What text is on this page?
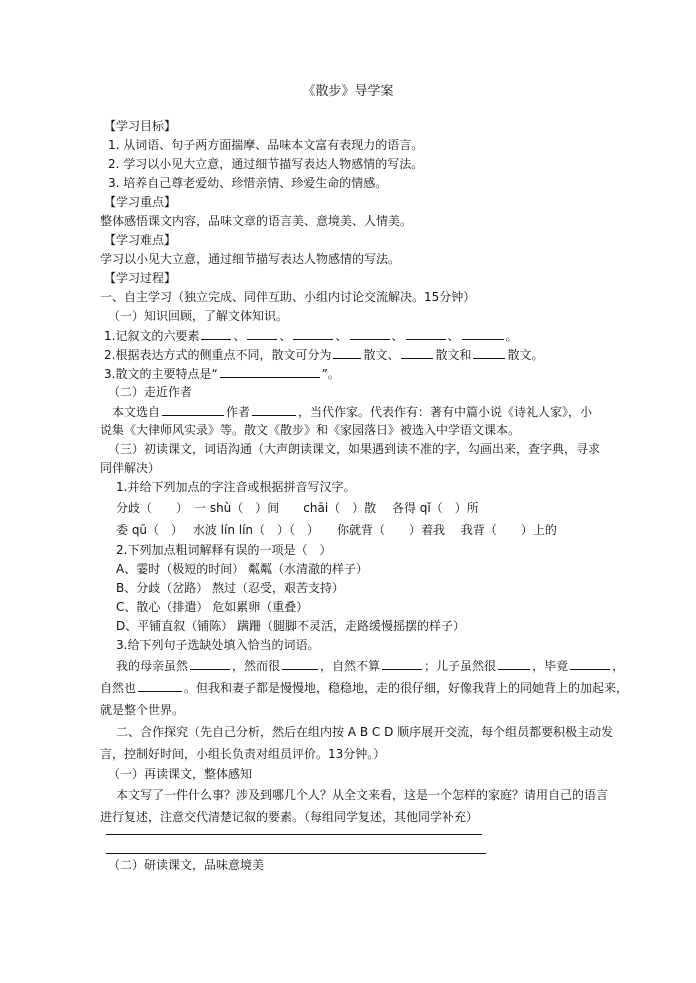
《散步》导学案
【学习目标】
1. 从词语、句子两方面揣摩、品味本文富有表现力的语言。
2. 学习以小见大立意，通过细节描写表达人物感情的写法。
3. 培养自己尊老爱幼、珍惜亲情、珍爱生命的情感。
【学习重点】
整体感悟课文内容，品味文章的语言美、意境美、人情美。
【学习难点】
学习以小见大立意，通过细节描写表达人物感情的写法。
【学习过程】
一、自主学习（独立完成、同伴互助、小组内讨论交流解决。15分钟）
（一）知识回顾，了解文体知识。
1.记叙文的六要素	、	、	、	、	、	。
2.根据表达方式的侧重点不同，散文可分为	散文、	散文和	散文。
3.散文的主要特点是“	”。
（二）走近作者
本文选自	作者	，当代作家。代表作有：著有中篇小说《诗礼人家》，小
说集《大律师风实录》等。散文《散步》和《家园落日》被选入中学语文课本。
（三）初读课文，词语沟通（大声朗读课文，如果遇到读不准的字，勾画出来，查字典，寻求
同伴解决）
1.并给下列加点的字注音或根据拼音写汉字。
分歧（　　）　一 shù（　）间　　chāi（　）散　 各得 qǐ（　）所
委 qū（　）　 水波 lín lín（　）（　）　　你就背（　　）着我　 我背（　　）上的
2.下列加点粗词解释有误的一项是（　）
A、霎时（极短的时间） 粼粼（水清澈的样子）
B、分歧（岔路） 熬过（忍受，艰苦支持）
C、散心（排遣） 危如累卵（重叠）
D、平铺直叙（铺陈） 蹒跚（腿脚不灵活，走路缓慢摇摆的样子）
3.给下列句子选缺处填入恰当的词语。
我的母亲虽然	，然而很	，自然不算	；儿子虽然很	，毕竟	，
自然也	。但我和妻子都是慢慢地，稳稳地，走的很仔细，好像我背上的同她背上的加起来，
就是整个世界。
二、合作探究（先自己分析，然后在组内按 A B C D 顺序展开交流，每个组员都要积极主动发
言，控制好时间，小组长负责对组员评价。13分钟。）
（一）再读课文，整体感知
本文写了一件什么事？涉及到哪几个人？从全文来看，这是一个怎样的家庭？请用自己的语言
进行复述，注意交代清楚记叙的要素。（每组同学复述，其他同学补充）
（二）研读课文，品味意境美
